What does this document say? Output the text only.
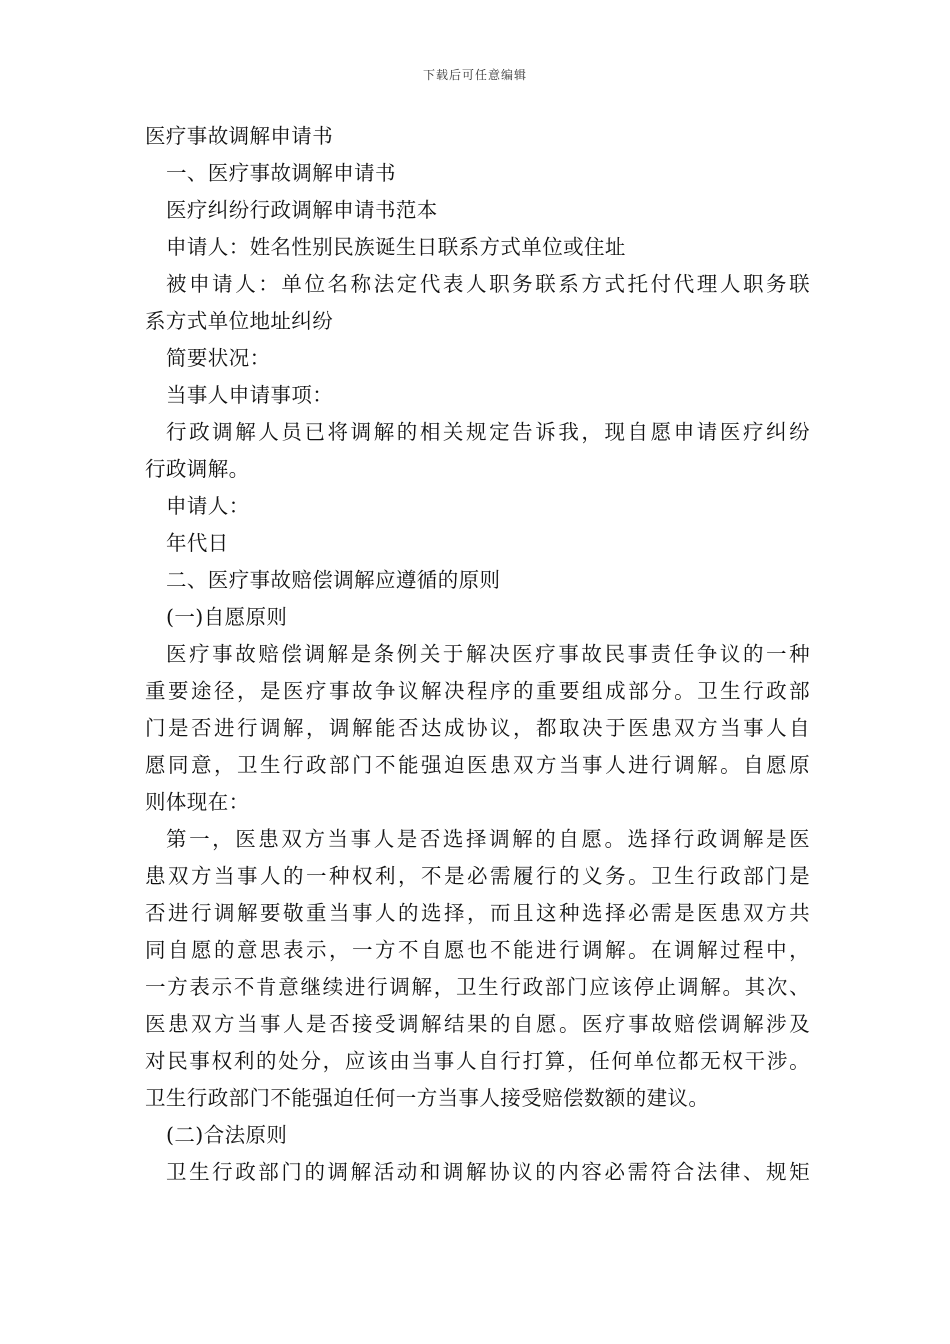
下载后可任意编辑
医疗事故调解申请书
一、医疗事故调解申请书
医疗纠纷行政调解申请书范本
申请人：姓名性别民族诞生日联系方式单位或住址
被申请人：单位名称法定代表人职务联系方式托付代理人职务联
系方式单位地址纠纷
简要状况：
当事人申请事项：
行政调解人员已将调解的相关规定告诉我，现自愿申请医疗纠纷
行政调解。
申请人：
年代日
二、医疗事故赔偿调解应遵循的原则
(一)自愿原则
医疗事故赔偿调解是条例关于解决医疗事故民事责任争议的一种
重要途径，是医疗事故争议解决程序的重要组成部分。卫生行政部
门是否进行调解，调解能否达成协议，都取决于医患双方当事人自
愿同意，卫生行政部门不能强迫医患双方当事人进行调解。自愿原
则体现在：
第一，医患双方当事人是否选择调解的自愿。选择行政调解是医
患双方当事人的一种权利，不是必需履行的义务。卫生行政部门是
否进行调解要敬重当事人的选择，而且这种选择必需是医患双方共
同自愿的意思表示，一方不自愿也不能进行调解。在调解过程中，
一方表示不肯意继续进行调解，卫生行政部门应该停止调解。其次、
医患双方当事人是否接受调解结果的自愿。医疗事故赔偿调解涉及
对民事权利的处分，应该由当事人自行打算，任何单位都无权干涉。
卫生行政部门不能强迫任何一方当事人接受赔偿数额的建议。
(二)合法原则
卫生行政部门的调解活动和调解协议的内容必需符合法律、规矩
